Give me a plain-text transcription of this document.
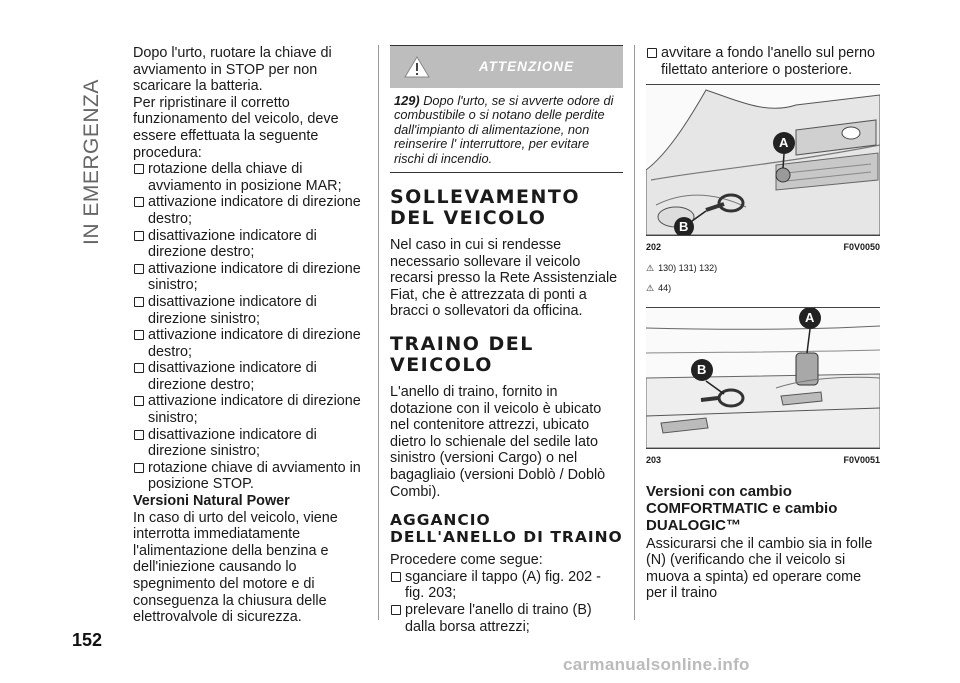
IN EMERGENZA
152

Dopo l'urto, ruotare la chiave di avviamento in STOP per non scaricare la batteria.

Per ripristinare il corretto funzionamento del veicolo, deve essere effettuata la seguente procedura:

rotazione della chiave di avviamento in posizione MAR;

attivazione indicatore di direzione destro;

disattivazione indicatore di direzione destro;

attivazione indicatore di direzione sinistro;

disattivazione indicatore di direzione sinistro;

attivazione indicatore di direzione destro;

disattivazione indicatore di direzione destro;

attivazione indicatore di direzione sinistro;

disattivazione indicatore di direzione sinistro;

rotazione chiave di avviamento in posizione STOP.

Versioni Natural Power

In caso di urto del veicolo, viene interrotta immediatamente l'alimentazione della benzina e dell'iniezione causando lo spegnimento del motore e di conseguenza la chiusura delle elettrovalvole di sicurezza.

ATTENZIONE
129) Dopo l'urto, se si avverte odore di combustibile o si notano delle perdite dall'impianto di alimentazione, non reinserire l' interruttore, per evitare rischi di incendio.
SOLLEVAMENTO DEL VEICOLO

Nel caso in cui si rendesse necessario sollevare il veicolo recarsi presso la Rete Assistenziale Fiat, che è attrezzata di ponti a bracci o sollevatori da officina.

TRAINO DEL VEICOLO

L'anello di traino, fornito in dotazione con il veicolo è ubicato nel contenitore attrezzi, ubicato dietro lo schienale del sedile lato sinistro (versioni Cargo) o nel bagagliaio (versioni Doblò / Doblò Combi).

AGGANCIO DELL'ANELLO DI TRAINO

Procedere come segue:

sganciare il tappo (A) fig. 202 - fig. 203;

prelevare l'anello di traino (B) dalla borsa attrezzi;

avvitare a fondo l'anello sul perno filettato anteriore o posteriore.

A
B
202	F0V0050
⚠ 130) 131) 132)
⚠ 44)
A
B
203	F0V0051
Versioni con cambio COMFORTMATIC e cambio DUALOGIC™

Assicurarsi che il cambio sia in folle (N) (verificando che il veicolo si muova a spinta) ed operare come per il traino

carmanualsonline.info
